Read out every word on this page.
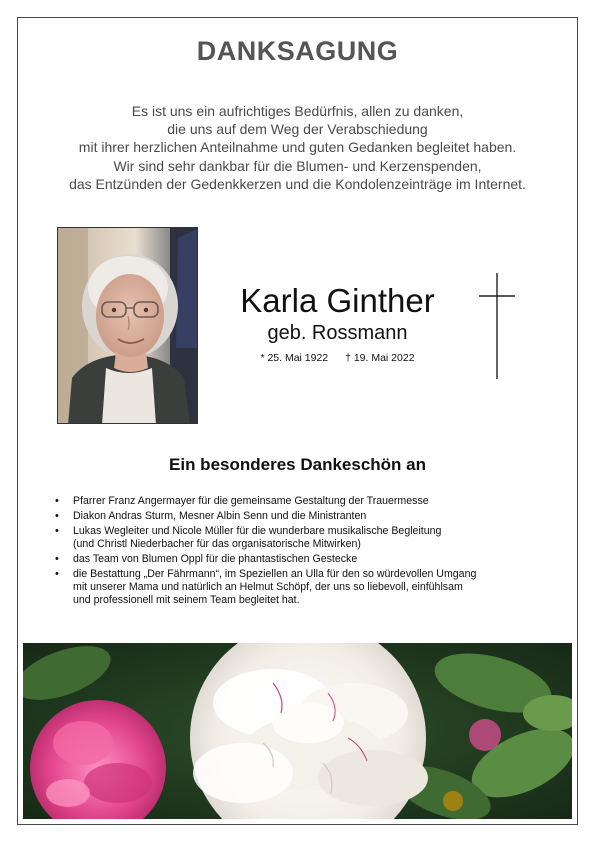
DANKSAGUNG
Es ist uns ein aufrichtiges Bedürfnis, allen zu danken,
die uns auf dem Weg der Verabschiedung
mit ihrer herzlichen Anteilnahme und guten Gedanken begleitet haben.
Wir sind sehr dankbar für die Blumen- und Kerzenspenden,
das Entzünden der Gedenkkerzen und die Kondolenzeinträge im Internet.
Karla Ginther
geb. Rossmann
* 25. Mai 1922 † 19. Mai 2022
Ein besonderes Dankeschön an
• Pfarrer Franz Angermayer für die gemeinsame Gestaltung der Trauermesse
• Diakon Andras Sturm, Mesner Albin Senn und die Ministranten
• Lukas Wegleiter und Nicole Müller für die wunderbare musikalische Begleitung
(und Christl Niederbacher für das organisatorische Mitwirken)
• das Team von Blumen Oppl für die phantastischen Gestecke
• die Bestattung „Der Fährmann“, im Speziellen an Ulla für den so würdevollen Umgang
mit unserer Mama und natürlich an Helmut Schöpf, der uns so liebevoll, einfühlsam
und professionell mit seinem Team begleitet hat.
